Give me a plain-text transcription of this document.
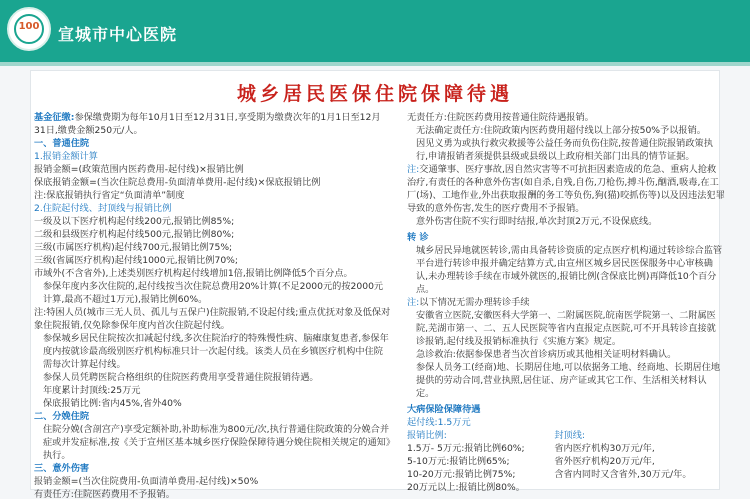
100	宣城市中心医院
城乡居民医保住院保障待遇
基金征缴:参保缴费期为每年10月1日至12月31日,享受期为缴费次年的1月1日至12月31日,缴费金额250元/人。
一、普通住院
1.报销金额计算
报销金额=(政策范围内医药费用-起付线)×报销比例
保底报销金额=(当次住院总费用-负面清单费用-起付线)×保底报销比例
注:保底报销执行省定“负面清单”制度
2.住院起付线、封顶线与报销比例
一级及以下医疗机构起付线200元,报销比例85%;
二级和县级医疗机构起付线500元,报销比例80%;
三级(市属医疗机构)起付线700元,报销比例75%;
三级(省属医疗机构)起付线1000元,报销比例70%;
市域外(不含省外),上述类别医疗机构起付线增加1倍,报销比例降低5个百分点。
参保年度内多次住院的,起付线按当次住院总费用20%计算(不足2000元的按2000元计算,最高不超过1万元),报销比例60%。
注:特困人员(城市三无人员、孤儿与五保户)住院报销,不设起付线;重点优抚对象及低保对象住院报销,仅免除参保年度内首次住院起付线。
参保城乡居民住院按次扣减起付线,多次住院治疗的特殊慢性病、脑瘫康复患者,参保年度内按就诊最高级别医疗机构标准只计一次起付线。该类人员在乡镇医疗机构中住院需每次计算起付线。
参保人员凭聘医院合格组织的住院医药费用享受普通住院报销待遇。
年度累计封顶线:25万元
保底报销比例:省内45%,省外40%
二、分娩住院
住院分娩(含剖宫产)享受定额补助,补助标准为800元/次,执行普通住院政策的分娩合并症或并发症标准,按《关于宣州区基本城乡医疗保险保障待遇分娩住院相关规定的通知》执行。
三、意外伤害
报销金额=(当次住院费用-负面清单费用-起付线)×50%
有责任方:住院医药费用不予报销。
无责任方:住院医药费用按普通住院待遇报销。
无法确定责任方:住院政策内医药费用超付线以上部分按50%予以报销。
因见义勇为或执行救灾救援等公益任务而负伤住院,按普通住院报销政策执行,申请报销者须提供县级或县级以上政府相关部门出具的情节证据。
注:交通肇事、医疗事故,因自然灾害等不可抗拒因素造成的危急、重病人抢救治疗,有责任的各种意外伤害(如自杀,自残,自伤,刀枪伤,搏斗伤,酗酒,吸毒,在工厂(场)、工地作业,外出获取报酬的务工等负伤,狗(猫)咬抓伤等)以及因违法犯罪导致的意外伤害,发生的医疗费用不予报销。
意外伤害住院不实行即时结报,单次封顶2万元,不设保底线。
转 诊
城乡居民异地就医转诊,需由具备转诊资质的定点医疗机构通过转诊综合监管平台进行转诊申报并确定结算方式,由宣州区城乡居民医保服务中心审核确认,未办理转诊手续在市域外就医的,报销比例(含保底比例)再降低10个百分点。
注:以下情况无需办理转诊手续
安徽省立医院,安徽医科大学第一、二附属医院,皖南医学院第一、二附属医院,芜湖市第一、二、五人民医院等省内直报定点医院,可不开具转诊直接就诊报销,起付线及报销标准执行《实施方案》规定。
急诊救治:依据参保患者当次首诊病历或其他相关证明材料确认。
参保人员务工(经商)地、长期居住地,可以依据务工地、经商地、长期居住地提供的劳动合同,营业执照,居住证、房产证或其它工作、生活相关材料认定。
大病保险保障待遇
起付线:1.5万元
报销比例:	封顶线:
1.5万- 5万元:报销比例60%;	省内医疗机构30万元/年,
5-10万元:报销比例65%;	省外医疗机构20万元/年,
10-20万元:报销比例75%;	含省内同时又含省外,30万元/年。
20万元以上:报销比例80%。	
